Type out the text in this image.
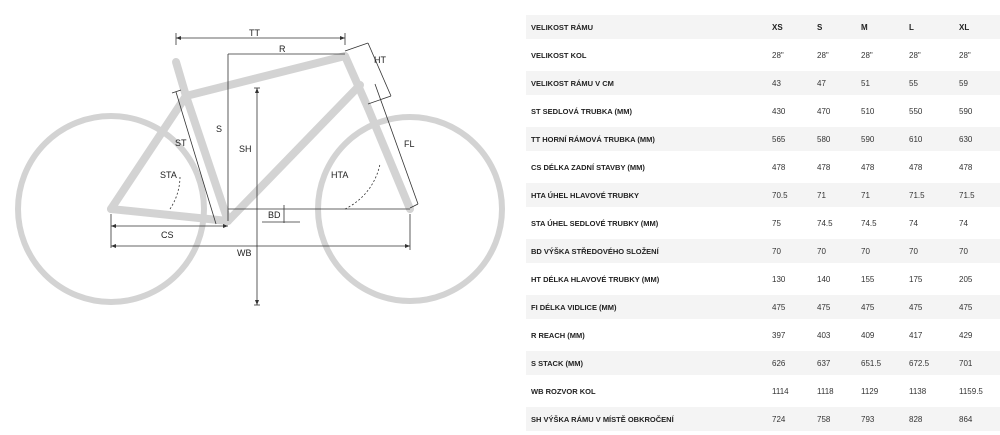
TT
R
HT
S
SH
ST	FL
STA	HTA
BD
CS
WB
VELIKOST RÁMU	XS	S	M	L	XL
VELIKOST KOL	28"	28"	28"	28"	28"
VELIKOST RÁMU V CM	43	47	51	55	59
ST SEDLOVÁ TRUBKA (MM)	430	470	510	550	590
TT HORNÍ RÁMOVÁ TRUBKA (MM)	565	580	590	610	630
CS DÉLKA ZADNÍ STAVBY (MM)	478	478	478	478	478
HTA ÚHEL HLAVOVÉ TRUBKY	70.5	71	71	71.5	71.5
STA ÚHEL SEDLOVÉ TRUBKY (MM)	75	74.5	74.5	74	74
BD VÝŠKA STŘEDOVÉHO SLOŽENÍ	70	70	70	70	70
HT DÉLKA HLAVOVÉ TRUBKY (MM)	130	140	155	175	205
FI DÉLKA VIDLICE (MM)	475	475	475	475	475
R REACH (MM)	397	403	409	417	429
S STACK (MM)	626	637	651.5	672.5	701
WB ROZVOR KOL	1114	1118	1129	1138	1159.5
SH VÝŠKA RÁMU V MÍSTĚ OBKROČENÍ	724	758	793	828	864
